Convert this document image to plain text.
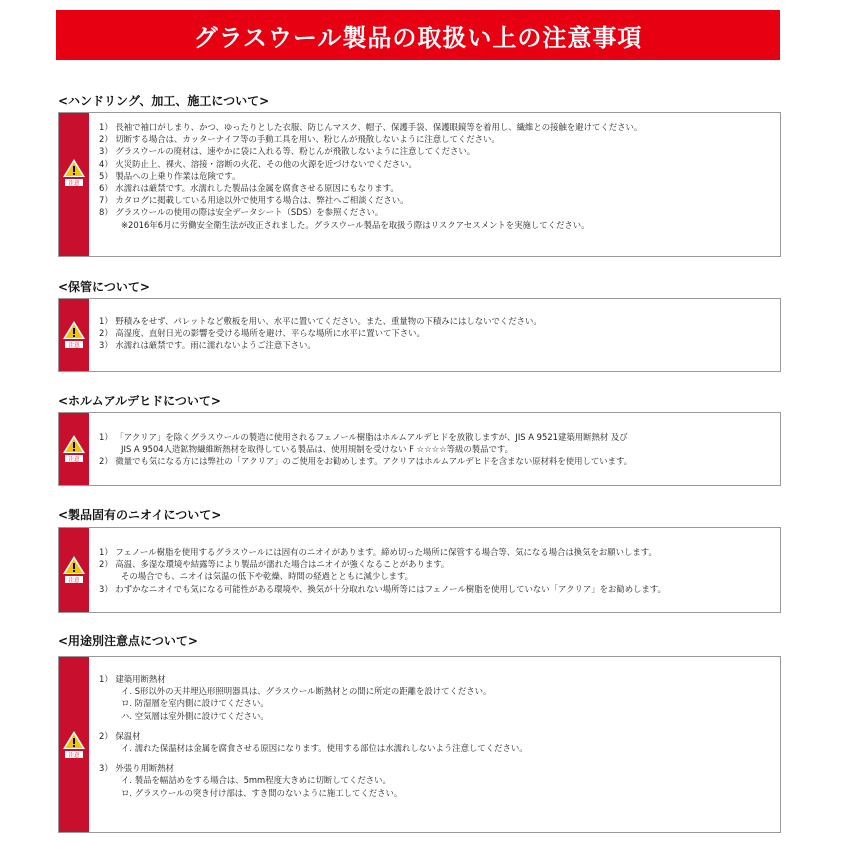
グラスウール製品の取扱い上の注意事項
<ハンドリング、加工、施工について>
注意
1） 長袖で袖口がしまり、かつ、ゆったりとした衣服、防じんマスク、帽子、保護手袋、保護眼鏡等を着用し、繊維との接触を避けてください。
2） 切断する場合は、カッターナイフ等の手動工具を用い、粉じんが飛散しないように注意してください。
3） グラスウールの廃材は、速やかに袋に入れる等、粉じんが飛散しないように注意してください。
4） 火災防止上、裸火、溶接・溶断の火花、その他の火源を近づけないでください。
5） 製品への上乗り作業は危険です。
6） 水濡れは厳禁です。水濡れした製品は金属を腐食させる原因にもなります。
7） カタログに掲載している用途以外で使用する場合は、弊社へご相談ください。
8） グラスウールの使用の際は安全データシート（SDS）を参照ください。
※2016年6月に労働安全衛生法が改正されました。グラスウール製品を取扱う際はリスクアセスメントを実施してください。
<保管について>
注意
1） 野積みをせず、パレットなど敷板を用い、水平に置いてください。また、重量物の下積みにはしないでください。
2） 高湿度、直射日光の影響を受ける場所を避け、平らな場所に水平に置いて下さい。
3） 水濡れは厳禁です。雨に濡れないようご注意下さい。
<ホルムアルデヒドについて>
注意
1） 「アクリア」を除くグラスウールの製造に使用されるフェノール樹脂はホルムアルデヒドを放散しますが、JIS A 9521建築用断熱材 及び
JIS A 9504人造鉱物繊維断熱材を取得している製品は、使用規制を受けない F ☆☆☆☆等級の製品です。
2） 微量でも気になる方には弊社の「アクリア」のご使用をお勧めします。アクリアはホルムアルデヒドを含まない原材料を使用しています。
<製品固有のニオイについて>
注意
1） フェノール樹脂を使用するグラスウールには固有のニオイがあります。締め切った場所に保管する場合等、気になる場合は換気をお願いします。
2） 高温、多湿な環境や結露等により製品が濡れた場合はニオイが強くなることがあります。
その場合でも、ニオイは気温の低下や乾燥、時間の経過とともに減少します。
3） わずかなニオイでも気になる可能性がある環境や、換気が十分取れない場所等にはフェノール樹脂を使用していない「アクリア」をお勧めします。
<用途別注意点について>
注意
1） 建築用断熱材
イ. S形以外の天井埋込形照明器具は、グラスウール断熱材との間に所定の距離を設けてください。
ロ. 防湿層を室内側に設けてください。
ハ. 空気層は室外側に設けてください。
2） 保温材
イ. 濡れた保温材は金属を腐食させる原因になります。使用する部位は水濡れしないよう注意してください。
3） 外張り用断熱材
イ. 製品を幅詰めをする場合は、5mm程度大きめに切断してください。
ロ. グラスウールの突き付け部は、すき間のないように施工してください。
